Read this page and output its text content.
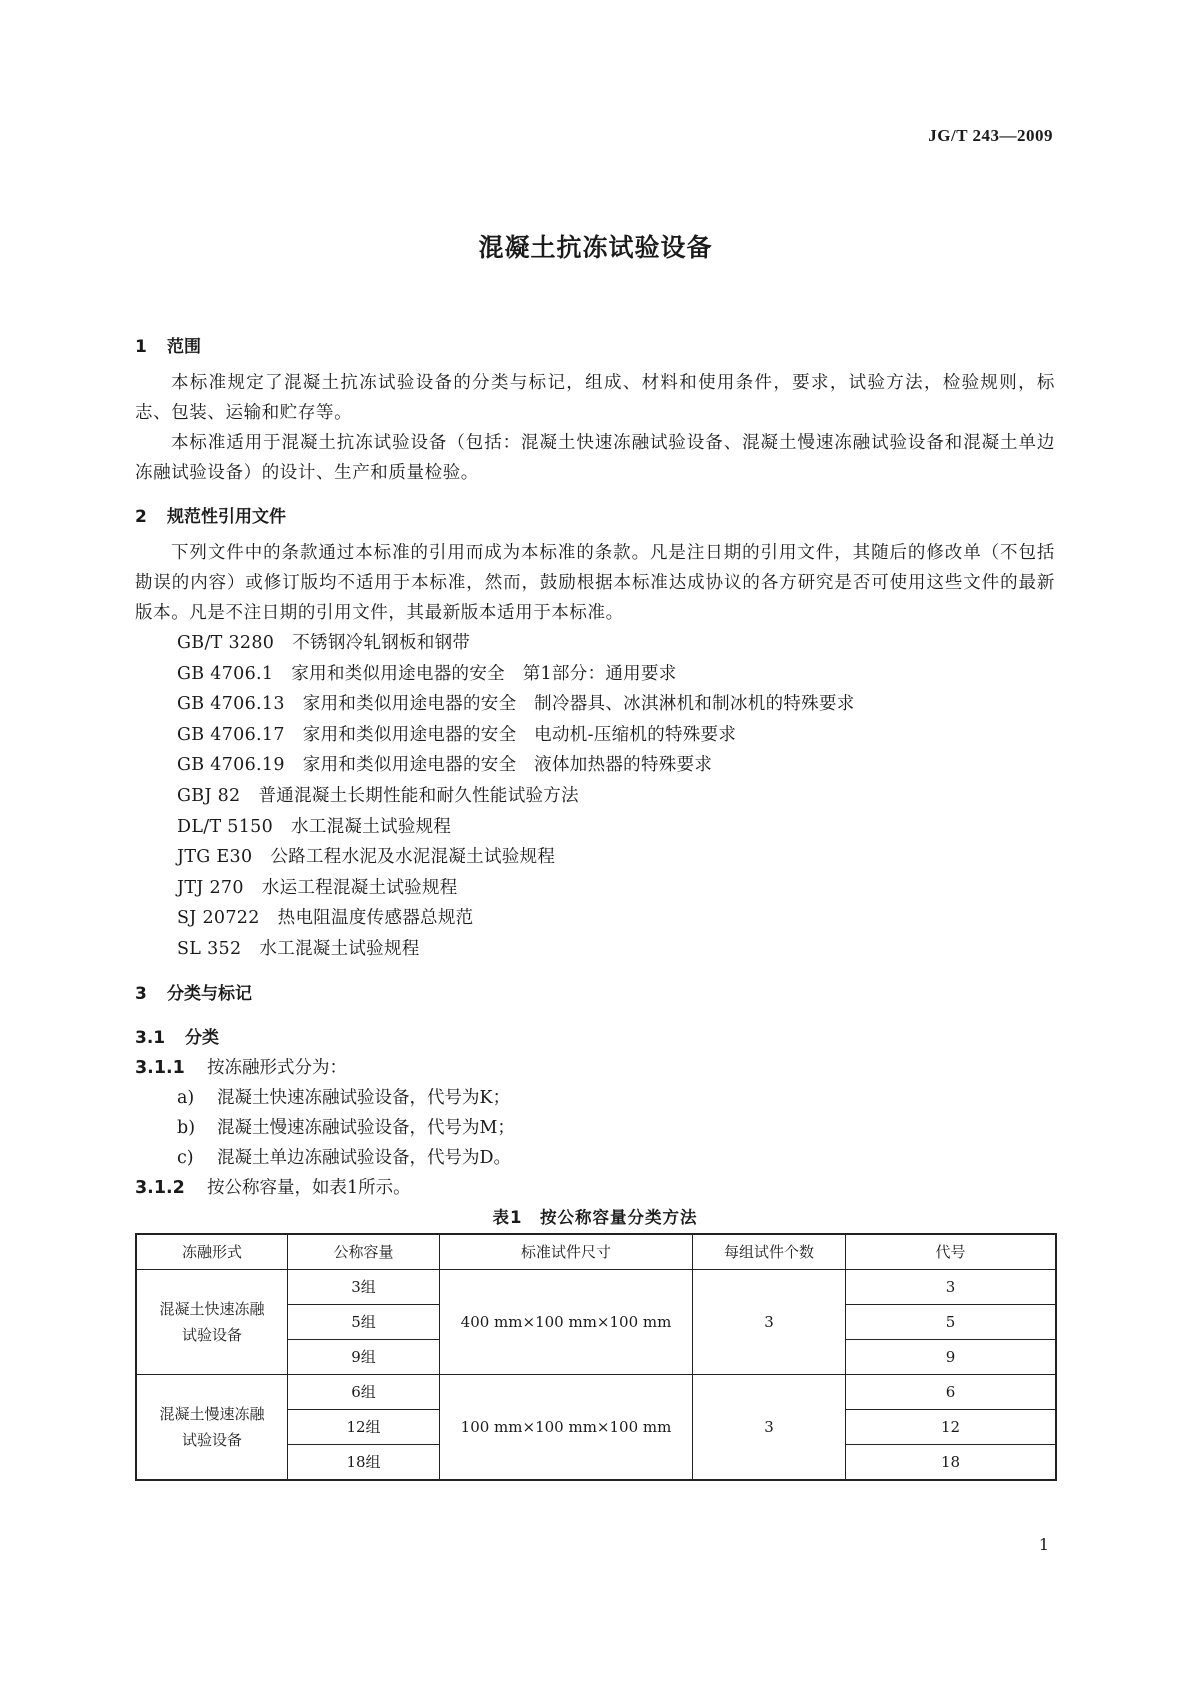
JG/T 243—2009
混凝土抗冻试验设备

1 范围

本标准规定了混凝土抗冻试验设备的分类与标记，组成、材料和使用条件，要求，试验方法，检验规则，标志、包装、运输和贮存等。

本标准适用于混凝土抗冻试验设备（包括：混凝土快速冻融试验设备、混凝土慢速冻融试验设备和混凝土单边冻融试验设备）的设计、生产和质量检验。

2 规范性引用文件

下列文件中的条款通过本标准的引用而成为本标准的条款。凡是注日期的引用文件，其随后的修改单（不包括勘误的内容）或修订版均不适用于本标准，然而，鼓励根据本标准达成协议的各方研究是否可使用这些文件的最新版本。凡是不注日期的引用文件，其最新版本适用于本标准。

GB/T 3280 不锈钢冷轧钢板和钢带

GB 4706.1 家用和类似用途电器的安全　第1部分：通用要求

GB 4706.13 家用和类似用途电器的安全　制冷器具、冰淇淋机和制冰机的特殊要求

GB 4706.17 家用和类似用途电器的安全　电动机-压缩机的特殊要求

GB 4706.19 家用和类似用途电器的安全　液体加热器的特殊要求

GBJ 82 普通混凝土长期性能和耐久性能试验方法

DL/T 5150 水工混凝土试验规程

JTG E30 公路工程水泥及水泥混凝土试验规程

JTJ 270 水运工程混凝土试验规程

SJ 20722 热电阻温度传感器总规范

SL 352 水工混凝土试验规程

3 分类与标记

3.1 分类

3.1.1 按冻融形式分为：

a) 混凝土快速冻融试验设备，代号为K；

b) 混凝土慢速冻融试验设备，代号为M；

c) 混凝土单边冻融试验设备，代号为D。

3.1.2 按公称容量，如表1所示。

表1　按公称容量分类方法

冻融形式	公称容量	标准试件尺寸	每组试件个数	代号
混凝土快速冻融试验设备	3组	400 mm×100 mm×100 mm	3	3
	5组			5
	9组			9
混凝土慢速冻融试验设备	6组	100 mm×100 mm×100 mm	3	6
	12组			12
	18组			18
1
